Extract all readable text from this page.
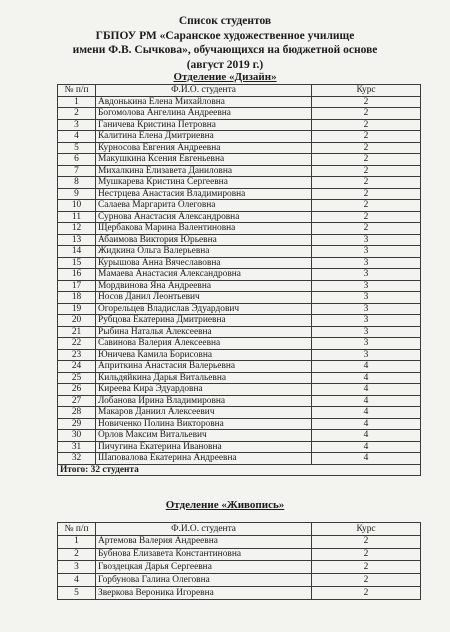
Список студентов
ГБПОУ РМ «Саранское художественное училище
имени Ф.В. Сычкова», обучающихся на бюджетной основе
(август 2019 г.)
Отделение «Дизайн»
№ п/п	Ф.И.О. студента	Курс
1	Авдонькина Елена Михайловна	2
2	Богомолова Ангелина Андреевна	2
3	Ганичева Кристина Петровна	2
4	Калитина Елена Дмитриевна	2
5	Курносова Евгения Андреевна	2
6	Макушкина Ксения Евгеньевна	2
7	Михалкина Елизавета Даниловна	2
8	Мушкарева Кристина Сергеевна	2
9	Нестрцева Анастасия Владимировна	2
10	Салаева Маргарита Олеговна	2
11	Сурнова Анастасия Александровна	2
12	Щербакова Марина Валентиновна	2
13	Абаимова Виктория Юрьевна	3
14	Жидкина Ольга Валерьевна	3
15	Курышова Анна Вячеславовна	3
16	Мамаева Анастасия Александровна	3
17	Мордвинова Яна Андреевна	3
18	Носов Данил Леонтьевич	3
19	Огорельцев Владислав Эдуардович	3
20	Рубцова Екатерина Дмитриевна	3
21	Рыбина Наталья Алексеевна	3
22	Савинова Валерия Алексеевна	3
23	Юничева Камила Борисовна	3
24	Априткина Анастасия Валерьевна	4
25	Кильдяйкина Дарья Витальевна	4
26	Киреева Кира Эдуардовна	4
27	Лобанова Ирина Владимировна	4
28	Макаров Даниил Алексеевич	4
29	Новиченко Полина Викторовна	4
30	Орлов Максим Витальевич	4
31	Пичугина Екатерина Ивановна	4
32	Шаповалова Екатерина Андреевна	4
Итого: 32 студента		
Отделение «Живопись»
№ п/п	Ф.И.О. студента	Курс
1	Артемова Валерия Андреевна	2
2	Бубнова Елизавета Константиновна	2
3	Гвоздецкая Дарья Сергеевна	2
4	Горбунова Галина Олеговна	2
5	Зверкова Вероника Игоревна	2
